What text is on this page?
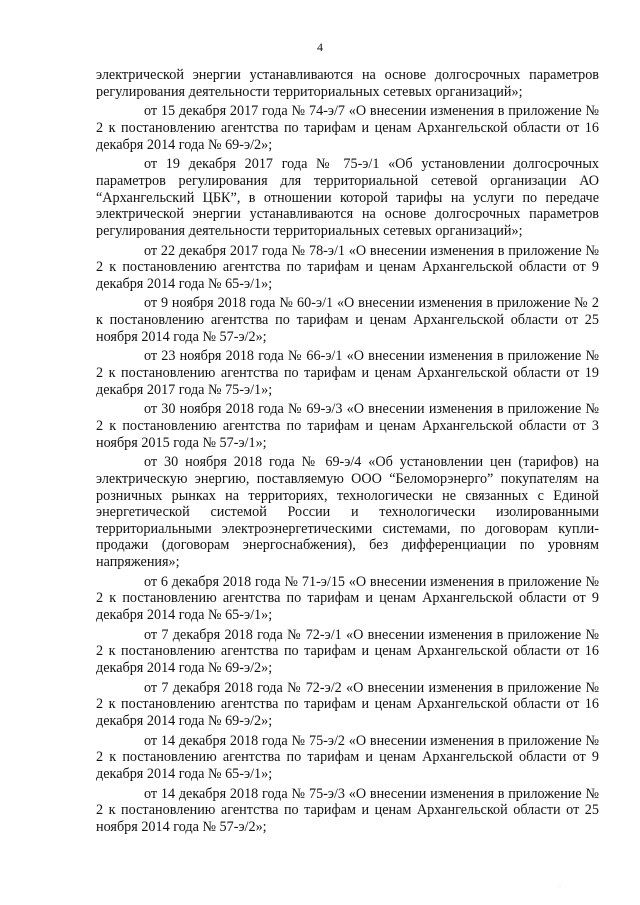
4

электрической энергии устанавливаются на основе долгосрочных параметров регулирования деятельности территориальных сетевых организаций»;

от 15 декабря 2017 года № 74-э/7 «О внесении изменения в приложение № 2 к постановлению агентства по тарифам и ценам Архангельской области от 16 декабря 2014 года № 69-э/2»;

от 19 декабря 2017 года № 75-э/1 «Об установлении долгосрочных параметров регулирования для территориальной сетевой организации АО “Архангельский ЦБК”, в отношении которой тарифы на услуги по передаче электрической энергии устанавливаются на основе долгосрочных параметров регулирования деятельности территориальных сетевых организаций»;

от 22 декабря 2017 года № 78-э/1 «О внесении изменения в приложение № 2 к постановлению агентства по тарифам и ценам Архангельской области от 9 декабря 2014 года № 65-э/1»;

от 9 ноября 2018 года № 60-э/1 «О внесении изменения в приложение № 2 к постановлению агентства по тарифам и ценам Архангельской области от 25 ноября 2014 года № 57-э/2»;

от 23 ноября 2018 года № 66-э/1 «О внесении изменения в приложение № 2 к постановлению агентства по тарифам и ценам Архангельской области от 19 декабря 2017 года № 75-э/1»;

от 30 ноября 2018 года № 69-э/3 «О внесении изменения в приложение № 2 к постановлению агентства по тарифам и ценам Архангельской области от 3 ноября 2015 года № 57-э/1»;

от 30 ноября 2018 года № 69-э/4 «Об установлении цен (тарифов) на электрическую энергию, поставляемую ООО “Беломорэнерго” покупателям на розничных рынках на территориях, технологически не связанных с Единой энергетической системой России и технологически изолированными территориальными электроэнергетическими системами, по договорам купли-продажи (договорам энергоснабжения), без дифференциации по уровням напряжения»;

от 6 декабря 2018 года № 71-э/15 «О внесении изменения в приложение № 2 к постановлению агентства по тарифам и ценам Архангельской области от 9 декабря 2014 года № 65-э/1»;

от 7 декабря 2018 года № 72-э/1 «О внесении изменения в приложение № 2 к постановлению агентства по тарифам и ценам Архангельской области от 16 декабря 2014 года № 69-э/2»;

от 7 декабря 2018 года № 72-э/2 «О внесении изменения в приложение № 2 к постановлению агентства по тарифам и ценам Архангельской области от 16 декабря 2014 года № 69-э/2»;

от 14 декабря 2018 года № 75-э/2 «О внесении изменения в приложение № 2 к постановлению агентства по тарифам и ценам Архангельской области от 9 декабря 2014 года № 65-э/1»;

от 14 декабря 2018 года № 75-э/3 «О внесении изменения в приложение № 2 к постановлению агентства по тарифам и ценам Архангельской области от 25 ноября 2014 года № 57-э/2»;

·
